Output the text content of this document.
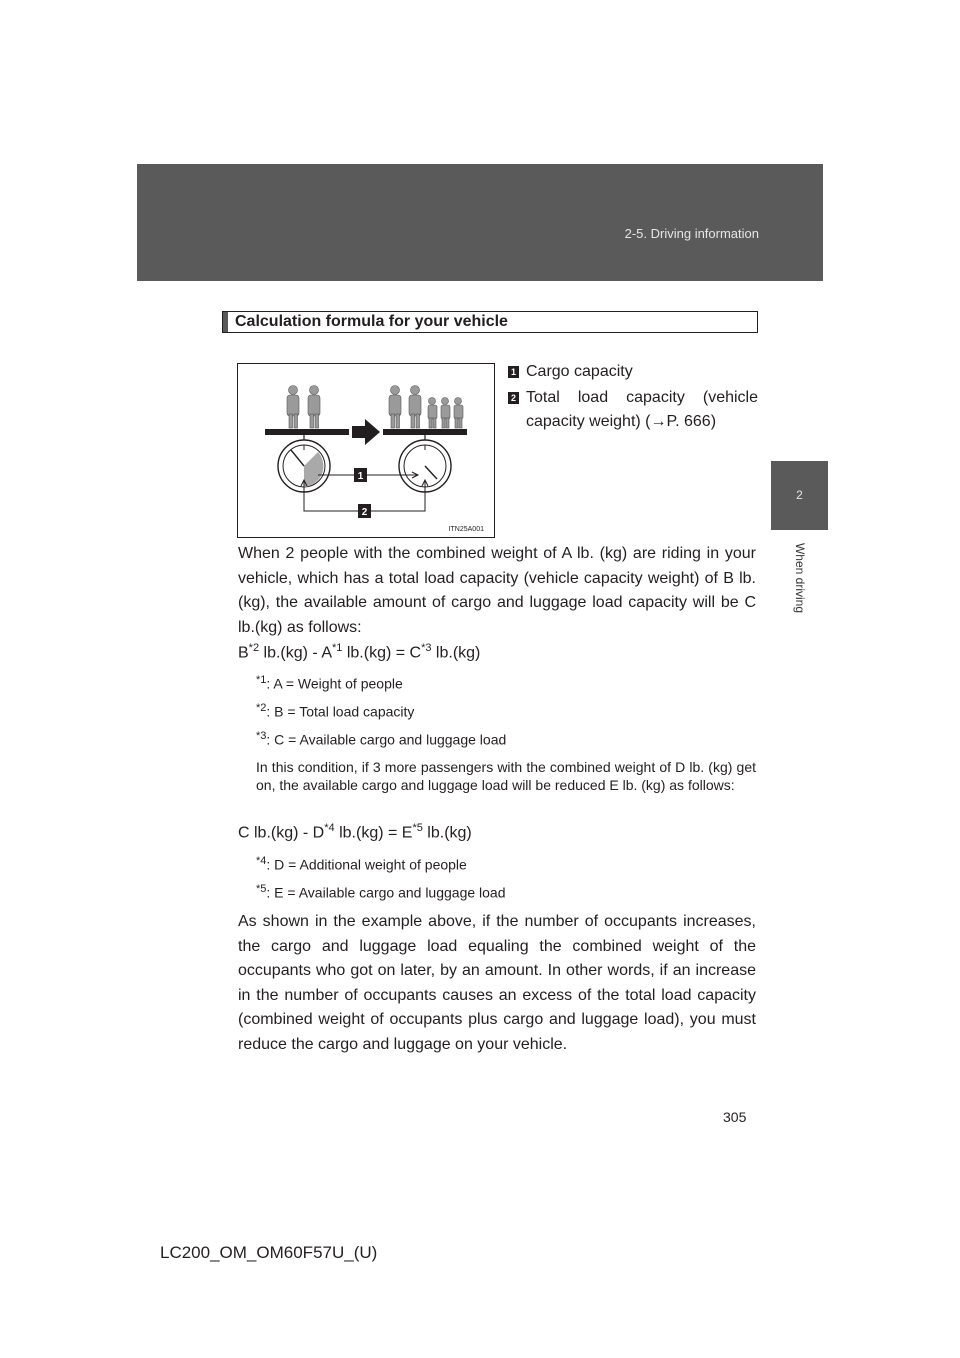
2-5. Driving information
2
When driving
Calculation formula for your vehicle
1
2
ITN25A001
1 Cargo capacity
2 Total load capacity (vehicle capacity weight) (→P. 666)
When 2 people with the combined weight of A lb. (kg) are riding in your vehicle, which has a total load capacity (vehicle capacity weight) of B lb. (kg), the available amount of cargo and luggage load capacity will be C lb.(kg) as follows:
$B^{*2}$ $lb.(kg) - A^{*1}$ $lb.(kg) = C^{*3}$ lb.(kg)
$^{*1}$: A = Weight of people
$^{*2}$: B = Total load capacity
$^{*3}$: C = Available cargo and luggage load
In this condition, if 3 more passengers with the combined weight of D lb. (kg) get on, the available cargo and luggage load will be reduced E lb. (kg) as follows:
C $lb.(kg) - D^{*4}$ $lb.(kg) = E^{*5}$ lb.(kg)
$^{*4}$: D = Additional weight of people
$^{*5}$: E = Available cargo and luggage load
As shown in the example above, if the number of occupants increases, the cargo and luggage load equaling the combined weight of the occupants who got on later, by an amount. In other words, if an increase in the number of occupants causes an excess of the total load capacity (combined weight of occupants plus cargo and luggage load), you must reduce the cargo and luggage on your vehicle.
305
LC200_OM_OM60F57U_(U)
